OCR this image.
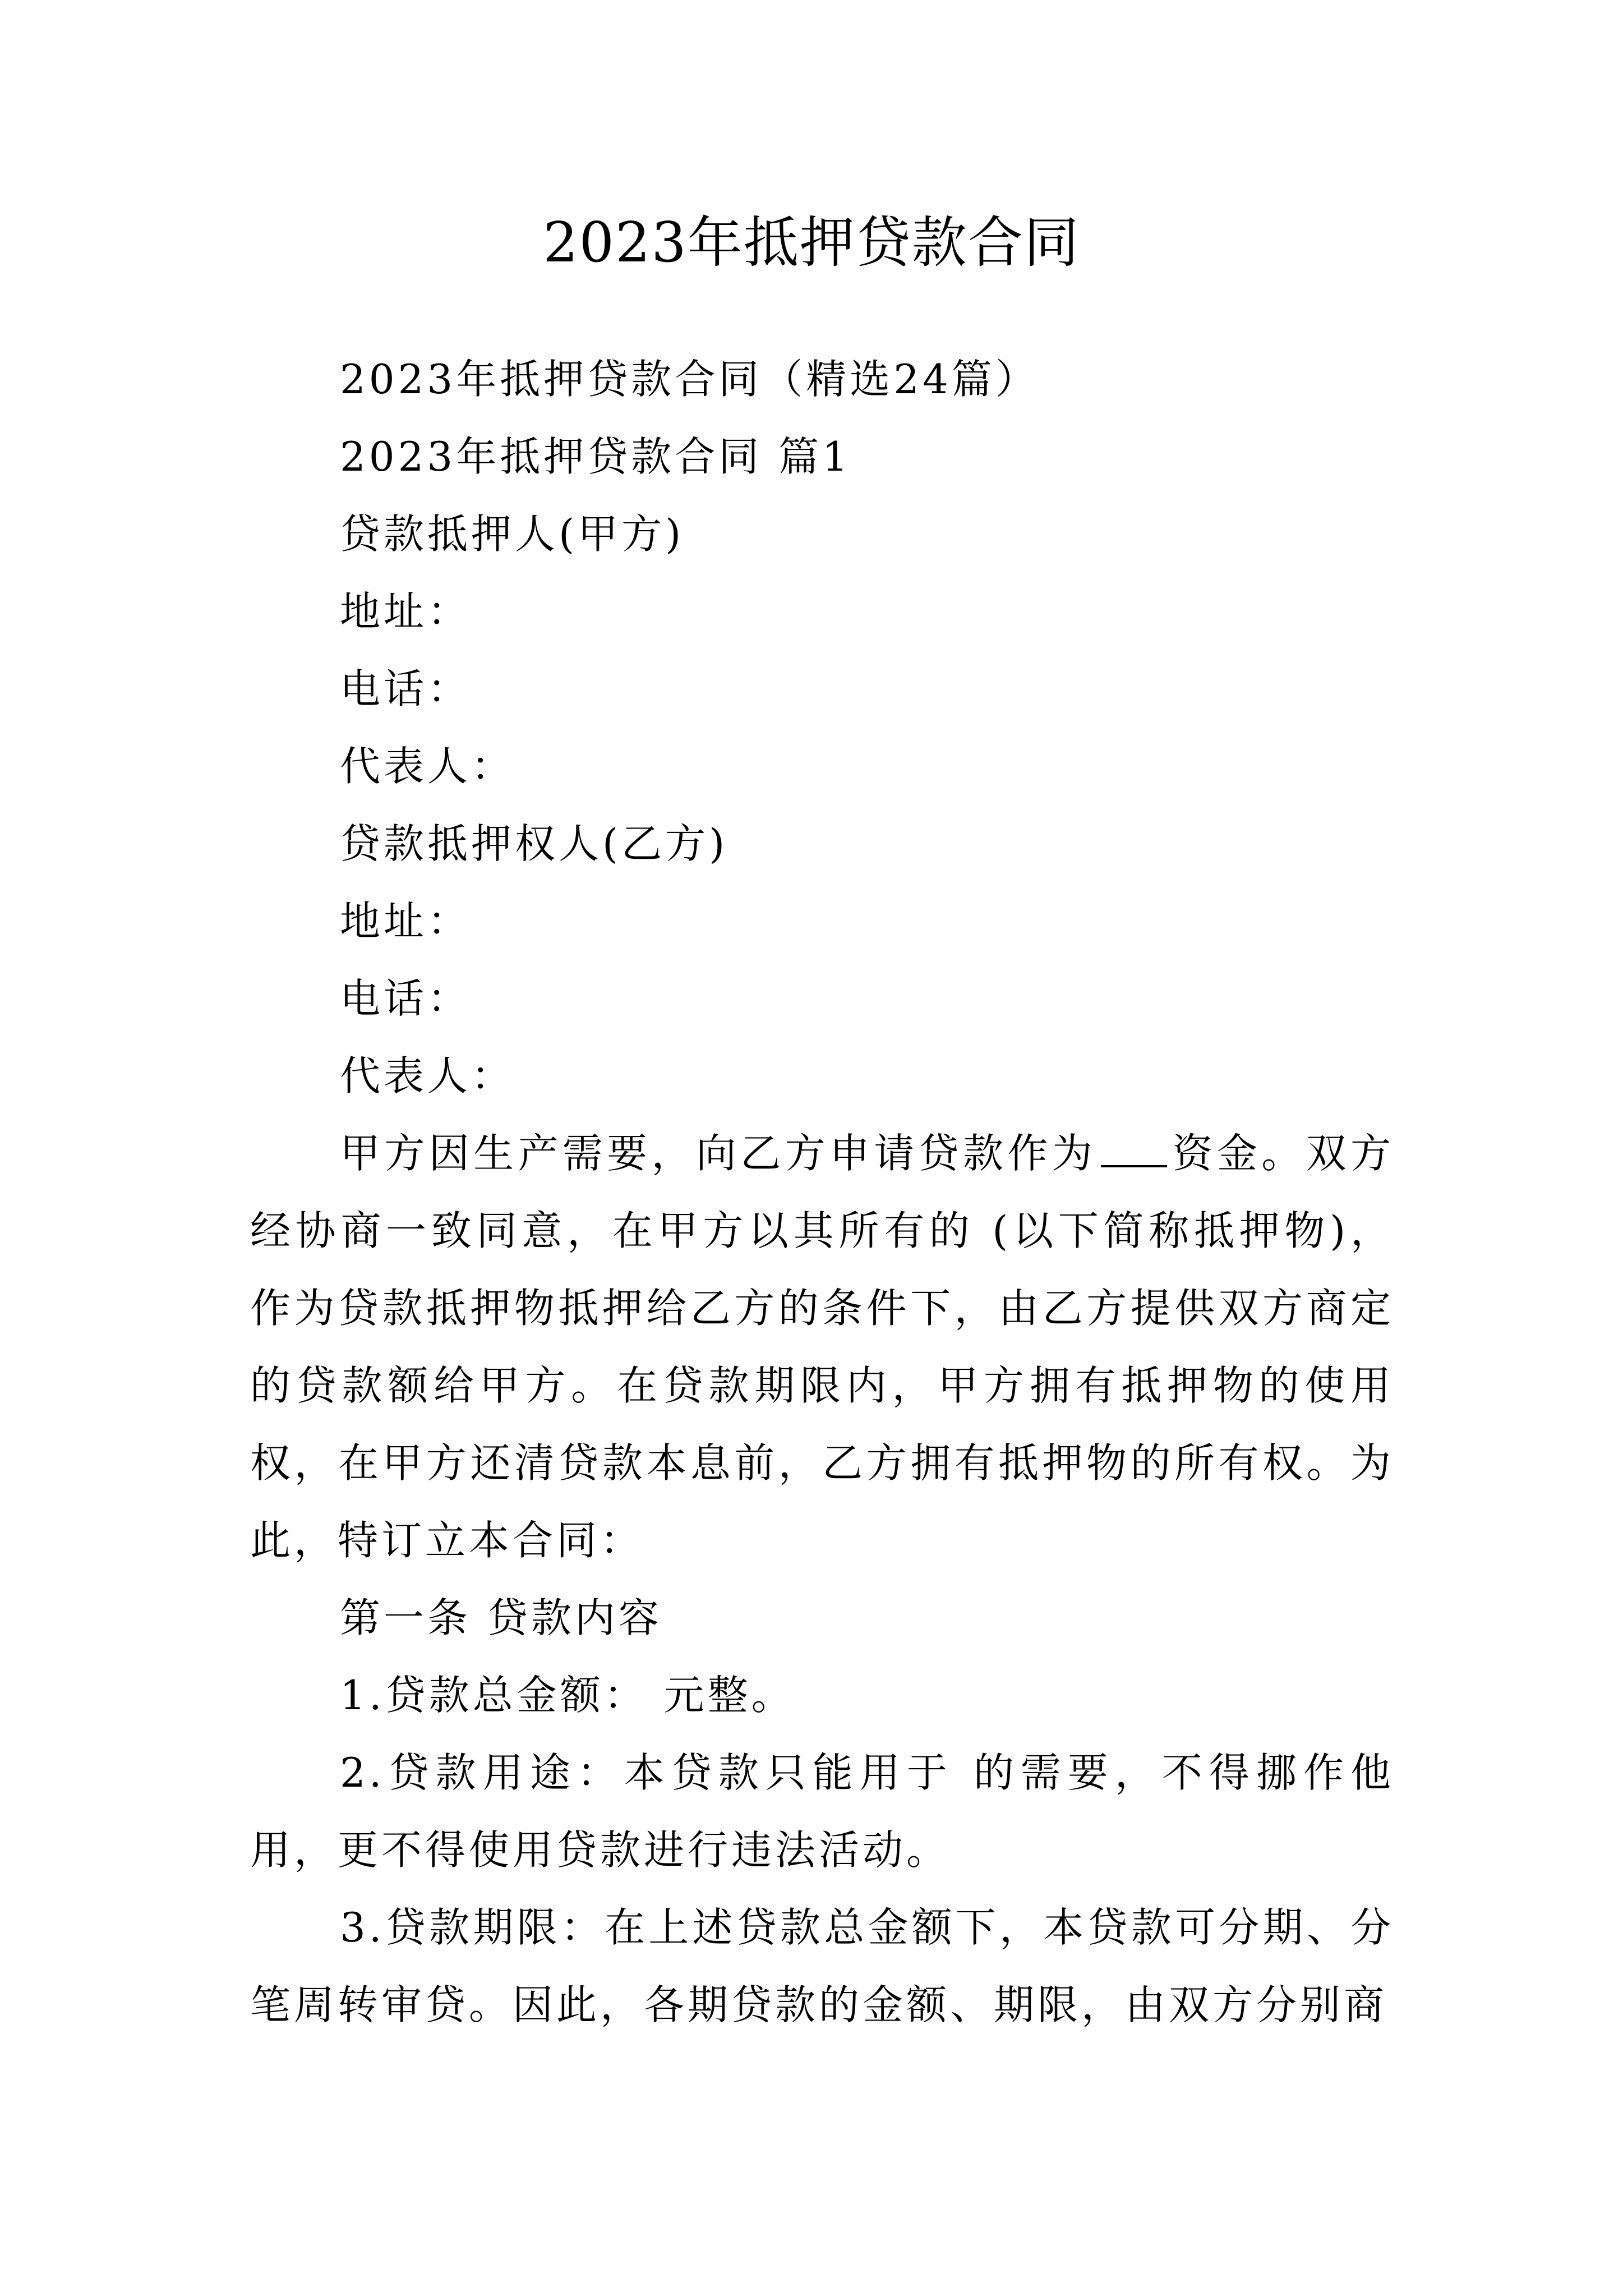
2023年抵押贷款合同

2023年抵押贷款合同（精选24篇）

2023年抵押贷款合同 篇1

贷款抵押人(甲方)

地址：

电话：

代表人：

贷款抵押权人(乙方)

地址：

电话：

代表人：

甲方因生产需要，向乙方申请贷款作为 资金。双方经协商一致同意，在甲方以其所有的 (以下简称抵押物)，作为贷款抵押物抵押给乙方的条件下，由乙方提供双方商定的贷款额给甲方。在贷款期限内，甲方拥有抵押物的使用权，在甲方还清贷款本息前，乙方拥有抵押物的所有权。为此，特订立本合同：

第一条 贷款内容

1.贷款总金额： 元整。

2.贷款用途：本贷款只能用于 的需要，不得挪作他用，更不得使用贷款进行违法活动。

3.贷款期限：在上述贷款总金额下，本贷款可分期、分笔周转审贷。因此，各期贷款的金额、期限，由双方分别商
